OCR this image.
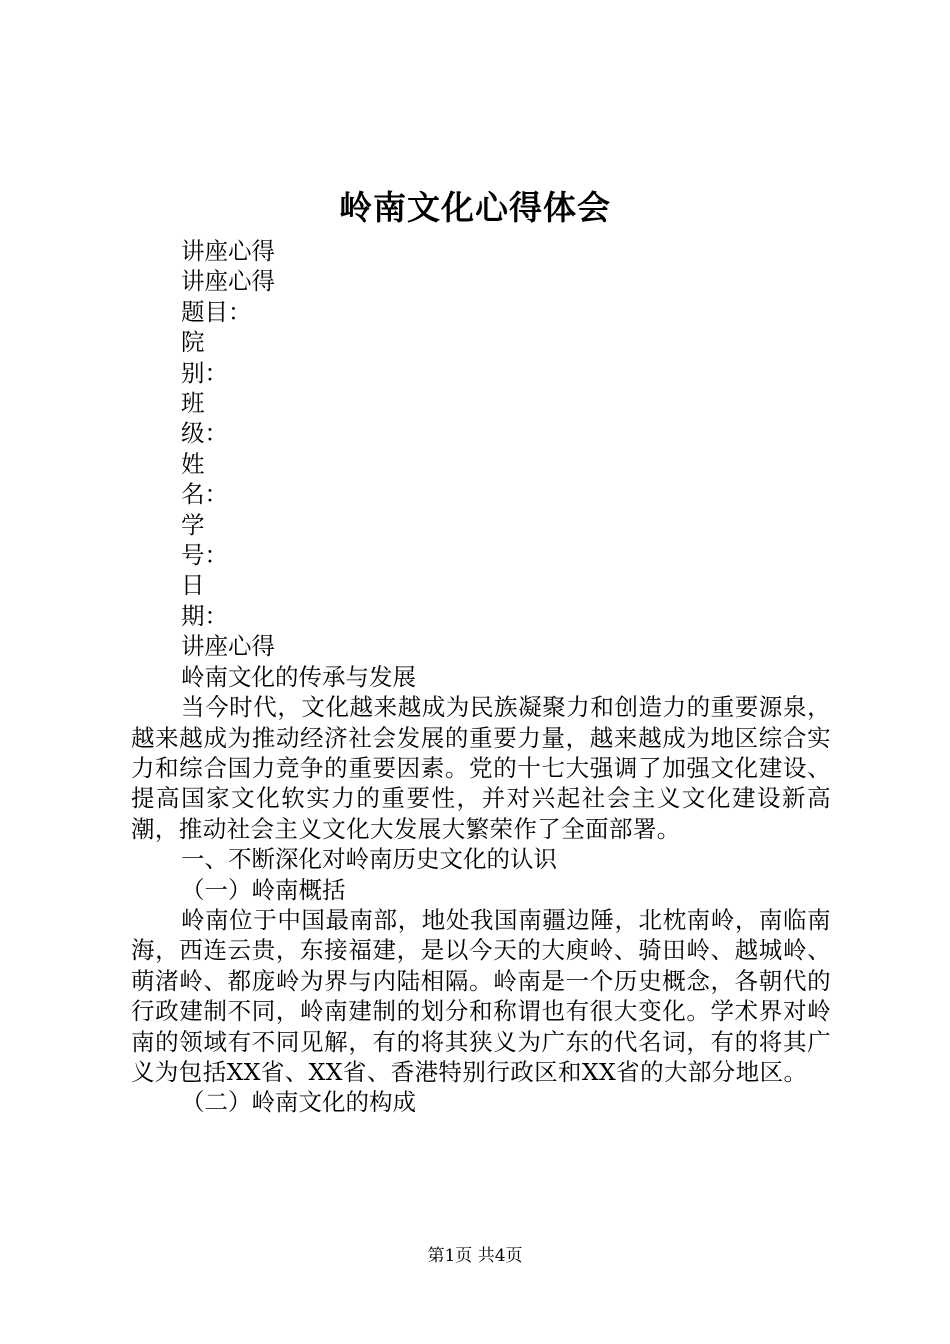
岭南文化心得体会
讲座心得
讲座心得
题目：
院
别：
班
级：
姓
名：
学
号：
日
期：
讲座心得
岭南文化的传承与发展
当今时代，文化越来越成为民族凝聚力和创造力的重要源泉，越来越成为推动经济社会发展的重要力量，越来越成为地区综合实力和综合国力竞争的重要因素。党的十七大强调了加强文化建设、提高国家文化软实力的重要性，并对兴起社会主义文化建设新高潮，推动社会主义文化大发展大繁荣作了全面部署。
一、不断深化对岭南历史文化的认识
（一）岭南概括
岭南位于中国最南部，地处我国南疆边陲，北枕南岭，南临南海，西连云贵，东接福建，是以今天的大庾岭、骑田岭、越城岭、萌渚岭、都庞岭为界与内陆相隔。岭南是一个历史概念，各朝代的行政建制不同，岭南建制的划分和称谓也有很大变化。学术界对岭南的领域有不同见解，有的将其狭义为广东的代名词，有的将其广义为包括XX省、XX省、香港特别行政区和XX省的大部分地区。
（二）岭南文化的构成
第1页 共4页
